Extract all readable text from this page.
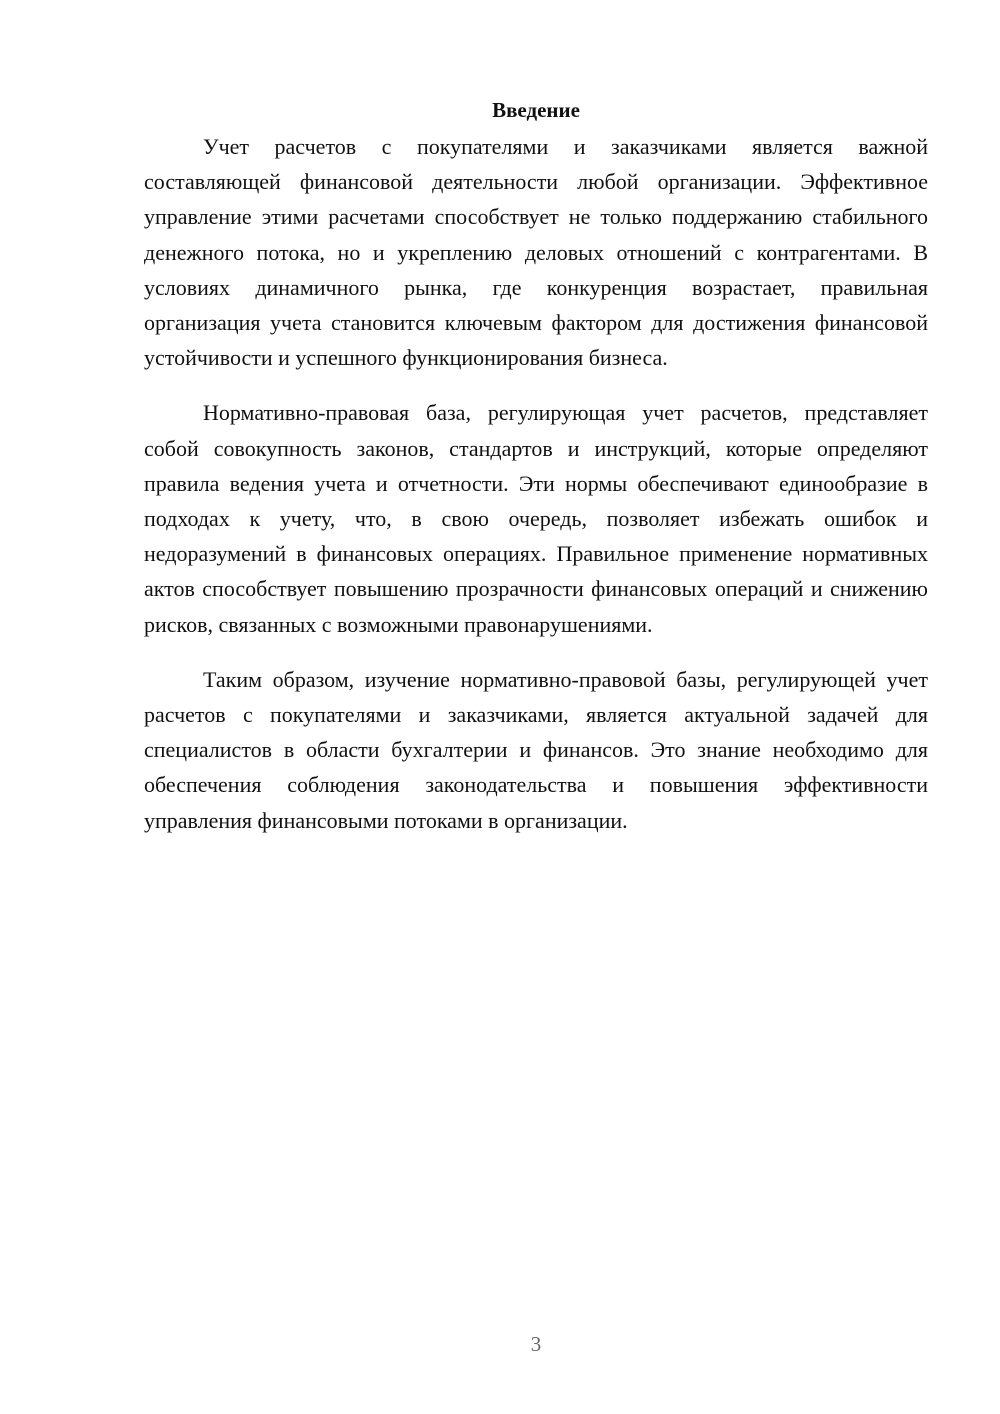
Введение

Учет расчетов с покупателями и заказчиками является важной составляющей финансовой деятельности любой организации. Эффективное управление этими расчетами способствует не только поддержанию стабильного денежного потока, но и укреплению деловых отношений с контрагентами. В условиях динамичного рынка, где конкуренция возрастает, правильная организация учета становится ключевым фактором для достижения финансовой устойчивости и успешного функционирования бизнеса.

Нормативно-правовая база, регулирующая учет расчетов, представляет собой совокупность законов, стандартов и инструкций, которые определяют правила ведения учета и отчетности. Эти нормы обеспечивают единообразие в подходах к учету, что, в свою очередь, позволяет избежать ошибок и недоразумений в финансовых операциях. Правильное применение нормативных актов способствует повышению прозрачности финансовых операций и снижению рисков, связанных с возможными правонарушениями.

Таким образом, изучение нормативно-правовой базы, регулирующей учет расчетов с покупателями и заказчиками, является актуальной задачей для специалистов в области бухгалтерии и финансов. Это знание необходимо для обеспечения соблюдения законодательства и повышения эффективности управления финансовыми потоками в организации.

3
